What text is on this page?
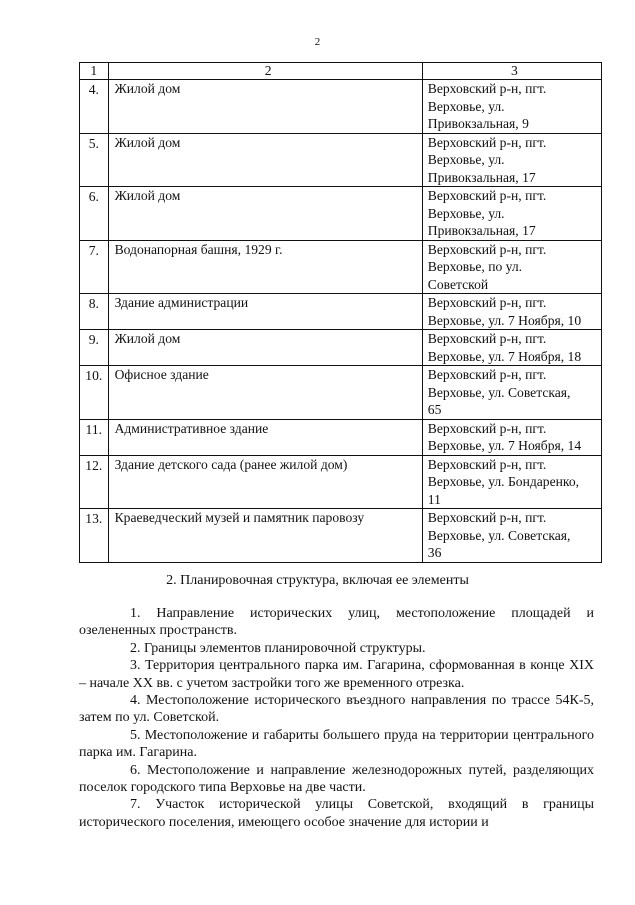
2
1	2	3
4.	Жилой дом	Верховский р-н, пгт.
Верховье, ул.
Привокзальная, 9

5.	Жилой дом	Верховский р-н, пгт.
Верховье, ул.
Привокзальная, 17

6.	Жилой дом	Верховский р-н, пгт.
Верховье, ул.
Привокзальная, 17

7.	Водонапорная башня, 1929 г.	Верховский р-н, пгт.
Верховье, по ул.
Советской

8.	Здание администрации	Верховский р-н, пгт.
Верховье, ул. 7 Ноября, 10

9.	Жилой дом	Верховский р-н, пгт.
Верховье, ул. 7 Ноября, 18

10.	Офисное здание	Верховский р-н, пгт.
Верховье, ул. Советская,
65

11.	Административное здание	Верховский р-н, пгт.
Верховье, ул. 7 Ноября, 14

12.	Здание детского сада (ранее жилой дом)	Верховский р-н, пгт.
Верховье, ул. Бондаренко,
11

13.	Краеведческий музей и памятник паровозу	Верховский р-н, пгт.
Верховье, ул. Советская,
36
2. Планировочная структура, включая ее элементы

1. Направление исторических улиц, местоположение площадей и озелененных пространств.

2. Границы элементов планировочной структуры.

3. Территория центрального парка им. Гагарина, сформованная в конце XIX – начале XX вв. с учетом застройки того же временного отрезка.

4. Местоположение исторического въездного направления по трассе 54К-5, затем по ул. Советской.

5. Местоположение и габариты большего пруда на территории центрального парка им. Гагарина.

6. Местоположение и направление железнодорожных путей, разделяющих поселок городского типа Верховье на две части.

7. Участок исторической улицы Советской, входящий в границы исторического поселения, имеющего особое значение для истории и
